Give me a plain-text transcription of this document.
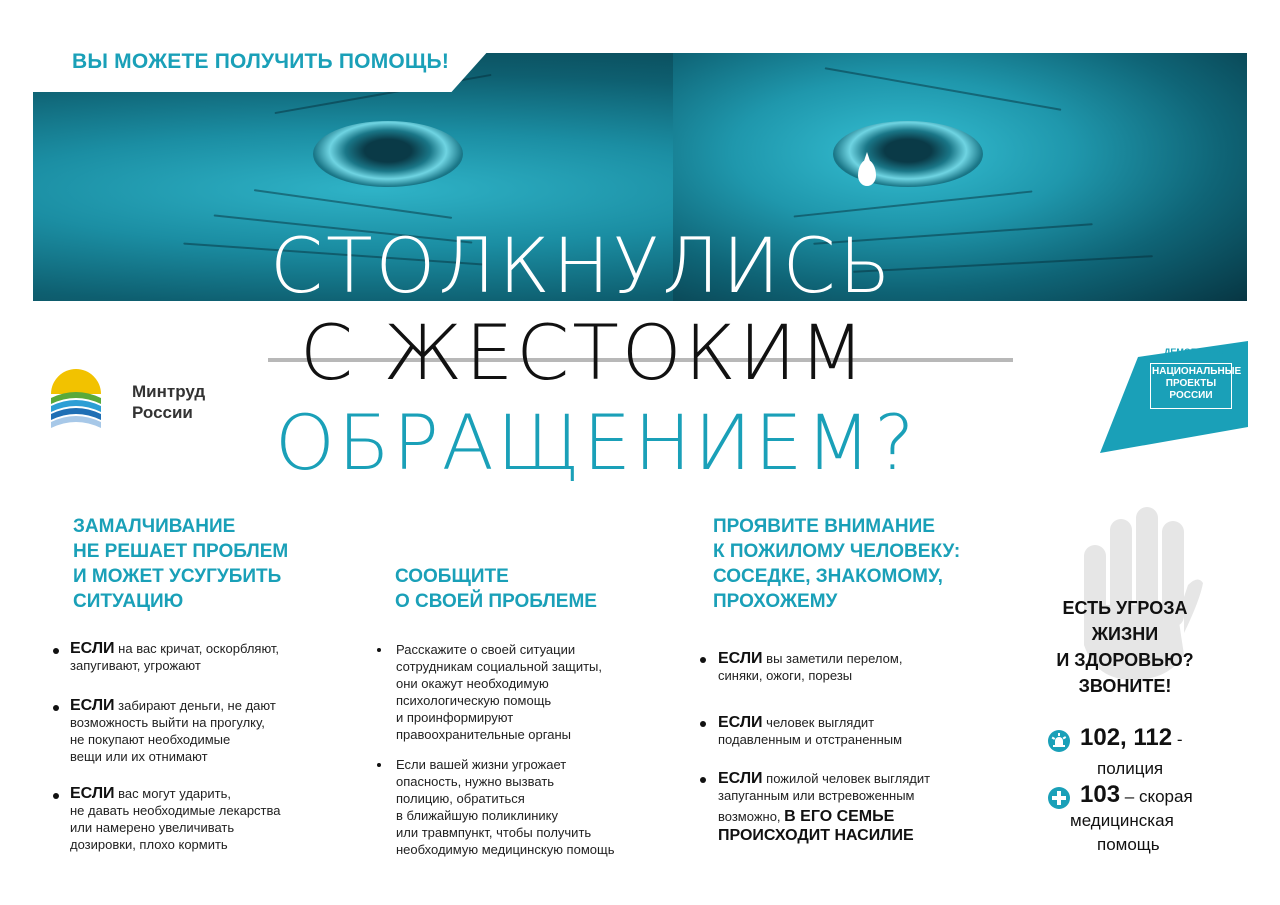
ВЫ МОЖЕТЕ ПОЛУЧИТЬ ПОМОЩЬ!
СТОЛКНУЛИСЬ
С ЖЕСТОКИМ
ОБРАЩЕНИЕМ?
Минтруд
России
ДЕМОГРАФИЯ
НАЦИОНАЛЬНЫЕ
ПРОЕКТЫ
РОССИИ
ЗАМАЛЧИВАНИЕ
НЕ РЕШАЕТ ПРОБЛЕМ
И МОЖЕТ УСУГУБИТЬ
СИТУАЦИЮ
ЕСЛИ на вас кричат, оскорбляют,
запугивают, угрожают
ЕСЛИ забирают деньги, не дают
возможность выйти на прогулку,
не покупают необходимые
вещи или их отнимают
ЕСЛИ вас могут ударить,
не давать необходимые лекарства
или намерено увеличивать
дозировки, плохо кормить
СООБЩИТЕ
О СВОЕЙ ПРОБЛЕМЕ
Расскажите о своей ситуации
сотрудникам социальной защиты,
они окажут необходимую
психологическую помощь
и проинформируют
правоохранительные органы
Если вашей жизни угрожает
опасность, нужно вызвать
полицию, обратиться
в ближайшую поликлинику
или травмпункт, чтобы получить
необходимую медицинскую помощь
ПРОЯВИТЕ ВНИМАНИЕ
К ПОЖИЛОМУ ЧЕЛОВЕКУ:
СОСЕДКЕ, ЗНАКОМОМУ,
ПРОХОЖЕМУ
ЕСЛИ вы заметили перелом,
синяки, ожоги, порезы
ЕСЛИ человек выглядит
подавленным и отстраненным
ЕСЛИ пожилой человек выглядит
запуганным или встревоженным
возможно, В ЕГО СЕМЬЕ
ПРОИСХОДИТ НАСИЛИЕ
ЕСТЬ УГРОЗА
ЖИЗНИ
И ЗДОРОВЬЮ?
ЗВОНИТЕ!
102, 112 -
полиция
103 – скорая
медицинская
помощь
